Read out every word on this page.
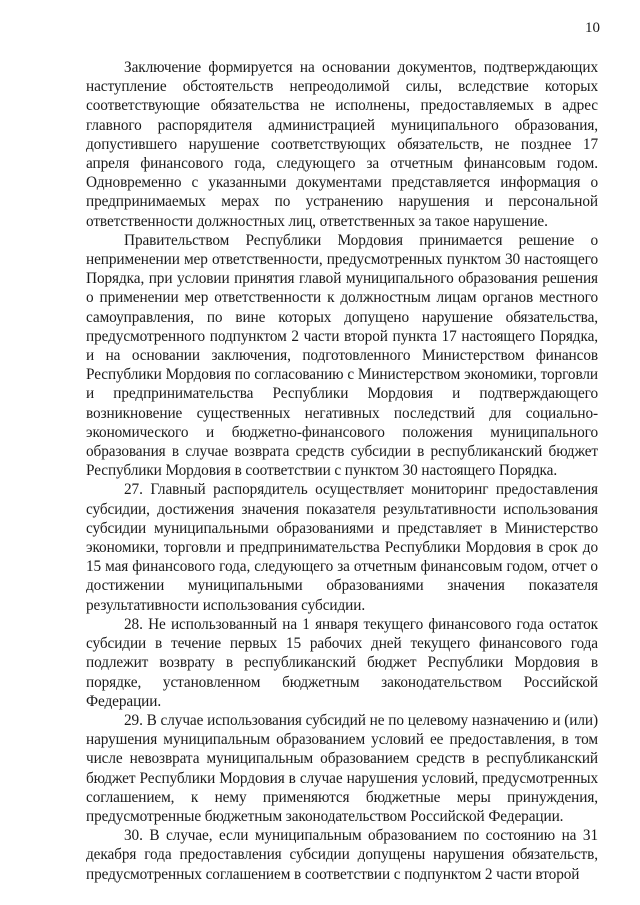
10

Заключение формируется на основании документов, подтверждающих наступление обстоятельств непреодолимой силы, вследствие которых соответствующие обязательства не исполнены, предоставляемых в адрес главного распорядителя администрацией муниципального образования, допустившего нарушение соответствующих обязательств, не позднее 17 апреля финансового года, следующего за отчетным финансовым годом. Одновременно с указанными документами представляется информация о предпринимаемых мерах по устранению нарушения и персональной ответственности должностных лиц, ответственных за такое нарушение.

Правительством Республики Мордовия принимается решение о неприменении мер ответственности, предусмотренных пунктом 30 настоящего Порядка, при условии принятия главой муниципального образования решения о применении мер ответственности к должностным лицам органов местного самоуправления, по вине которых допущено нарушение обязательства, предусмотренного подпунктом 2 части второй пункта 17 настоящего Порядка, и на основании заключения, подготовленного Министерством финансов Республики Мордовия по согласованию с Министерством экономики, торговли и предпринимательства Республики Мордовия и подтверждающего возникновение существенных негативных последствий для социально-экономического и бюджетно-финансового положения муниципального образования в случае возврата средств субсидии в республиканский бюджет Республики Мордовия в соответствии с пунктом 30 настоящего Порядка.

27. Главный распорядитель осуществляет мониторинг предоставления субсидии, достижения значения показателя результативности использования субсидии муниципальными образованиями и представляет в Министерство экономики, торговли и предпринимательства Республики Мордовия в срок до 15 мая финансового года, следующего за отчетным финансовым годом, отчет о достижении муниципальными образованиями значения показателя результативности использования субсидии.

28. Не использованный на 1 января текущего финансового года остаток субсидии в течение первых 15 рабочих дней текущего финансового года подлежит возврату в республиканский бюджет Республики Мордовия в порядке, установленном бюджетным законодательством Российской Федерации.

29. В случае использования субсидий не по целевому назначению и (или) нарушения муниципальным образованием условий ее предоставления, в том числе невозврата муниципальным образованием средств в республиканский бюджет Республики Мордовия в случае нарушения условий, предусмотренных соглашением, к нему применяются бюджетные меры принуждения, предусмотренные бюджетным законодательством Российской Федерации.

30. В случае, если муниципальным образованием по состоянию на 31 декабря года предоставления субсидии допущены нарушения обязательств, предусмотренных соглашением в соответствии с подпунктом 2 части второй
